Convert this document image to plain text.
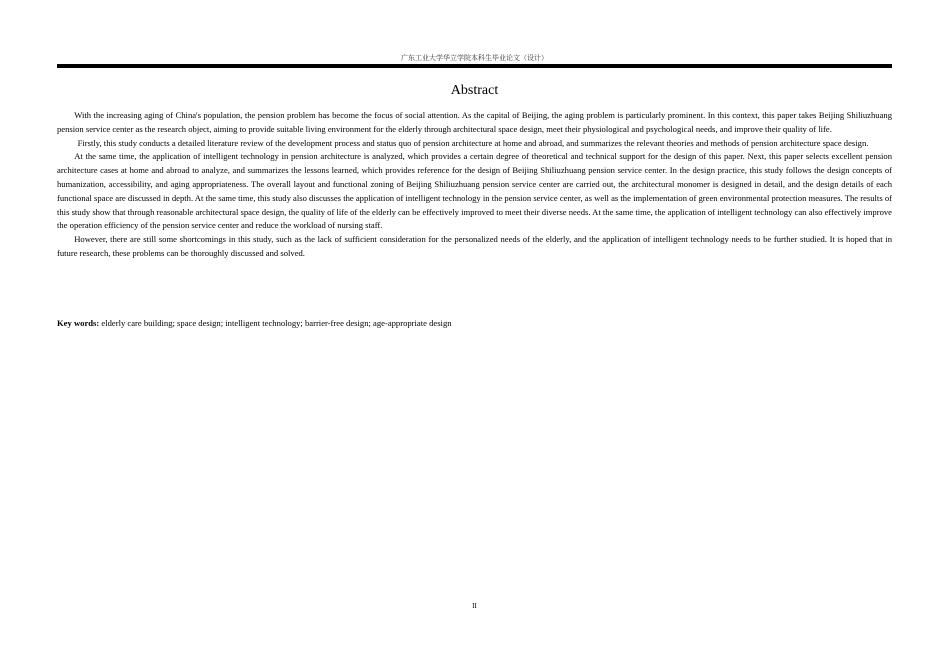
广东工业大学华立学院本科生毕业论文（设计）
Abstract

With the increasing aging of China's population, the pension problem has become the focus of social attention. As the capital of Beijing, the aging problem is particularly prominent. In this context, this paper takes Beijing Shiliuzhuang pension service center as the research object, aiming to provide suitable living environment for the elderly through architectural space design, meet their physiological and psychological needs, and improve their quality of life.

Firstly, this study conducts a detailed literature review of the development process and status quo of pension architecture at home and abroad, and summarizes the relevant theories and methods of pension architecture space design.

At the same time, the application of intelligent technology in pension architecture is analyzed, which provides a certain degree of theoretical and technical support for the design of this paper. Next, this paper selects excellent pension architecture cases at home and abroad to analyze, and summarizes the lessons learned, which provides reference for the design of Beijing Shiliuzhuang pension service center. In the design practice, this study follows the design concepts of humanization, accessibility, and aging appropriateness. The overall layout and functional zoning of Beijing Shiliuzhuang pension service center are carried out, the architectural monomer is designed in detail, and the design details of each functional space are discussed in depth. At the same time, this study also discusses the application of intelligent technology in the pension service center, as well as the implementation of green environmental protection measures. The results of this study show that through reasonable architectural space design, the quality of life of the elderly can be effectively improved to meet their diverse needs. At the same time, the application of intelligent technology can also effectively improve the operation efficiency of the pension service center and reduce the workload of nursing staff.

However, there are still some shortcomings in this study, such as the lack of sufficient consideration for the personalized needs of the elderly, and the application of intelligent technology needs to be further studied. It is hoped that in future research, these problems can be thoroughly discussed and solved.

Key words: elderly care building; space design; intelligent technology; barrier-free design; age-appropriate design
II
